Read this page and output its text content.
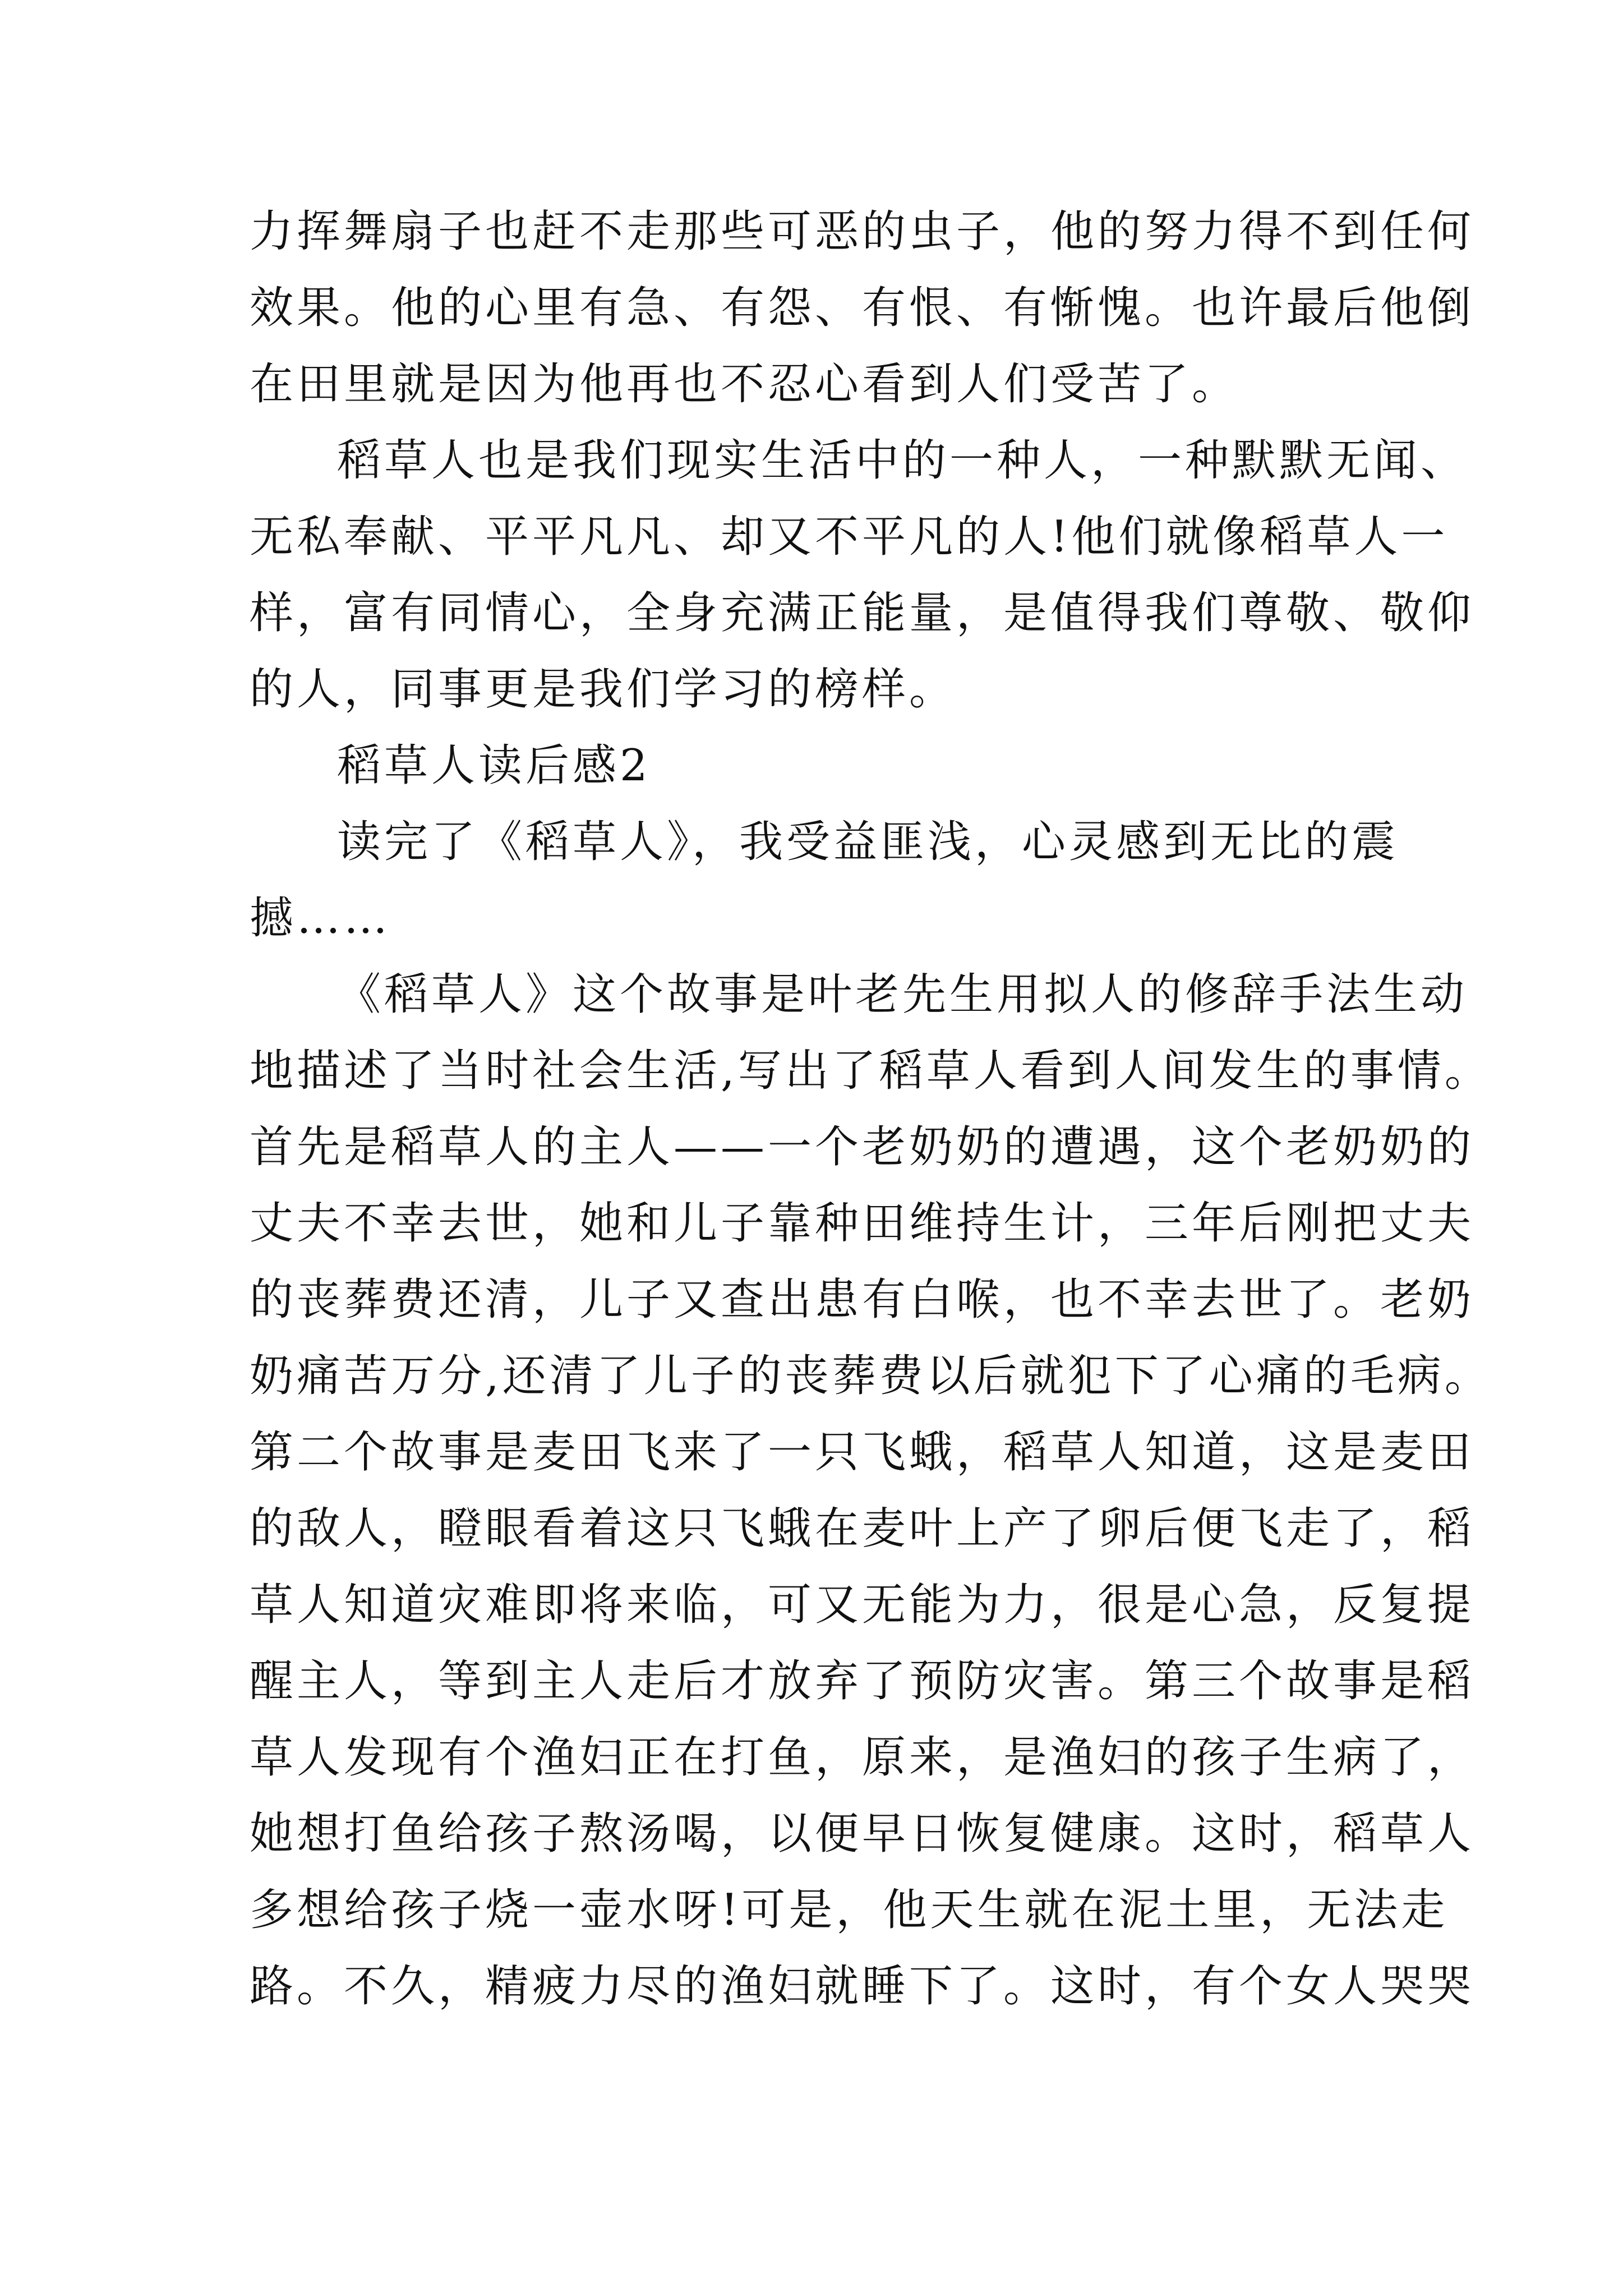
力挥舞扇子也赶不走那些可恶的虫子，他的努力得不到任何
效果。他的心里有急、有怨、有恨、有惭愧。也许最后他倒
在田里就是因为他再也不忍心看到人们受苦了。
稻草人也是我们现实生活中的一种人，一种默默无闻、
无私奉献、平平凡凡、却又不平凡的人!他们就像稻草人一
样，富有同情心，全身充满正能量，是值得我们尊敬、敬仰
的人，同事更是我们学习的榜样。
稻草人读后感2
读完了《稻草人》，我受益匪浅，心灵感到无比的震
撼……
《稻草人》这个故事是叶老先生用拟人的修辞手法生动
地描述了当时社会生活,写出了稻草人看到人间发生的事情。
首先是稻草人的主人——一个老奶奶的遭遇，这个老奶奶的
丈夫不幸去世，她和儿子靠种田维持生计，三年后刚把丈夫
的丧葬费还清，儿子又查出患有白喉，也不幸去世了。老奶
奶痛苦万分,还清了儿子的丧葬费以后就犯下了心痛的毛病。
第二个故事是麦田飞来了一只飞蛾，稻草人知道，这是麦田
的敌人，瞪眼看着这只飞蛾在麦叶上产了卵后便飞走了，稻
草人知道灾难即将来临，可又无能为力，很是心急，反复提
醒主人，等到主人走后才放弃了预防灾害。第三个故事是稻
草人发现有个渔妇正在打鱼，原来，是渔妇的孩子生病了，
她想打鱼给孩子熬汤喝，以便早日恢复健康。这时，稻草人
多想给孩子烧一壶水呀!可是，他天生就在泥土里，无法走
路。不久，精疲力尽的渔妇就睡下了。这时，有个女人哭哭
